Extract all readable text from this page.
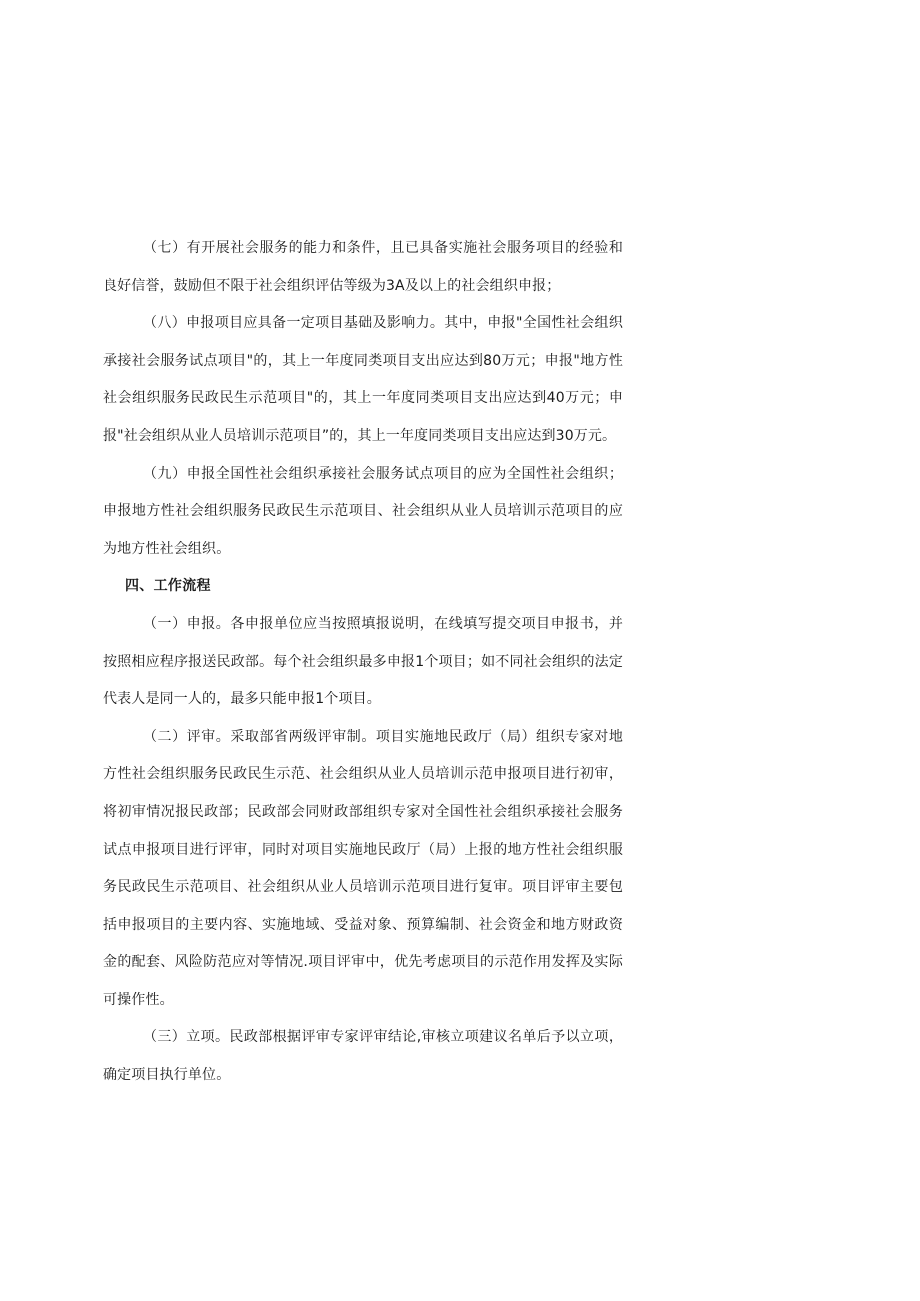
（七）有开展社会服务的能力和条件，且已具备实施社会服务项目的经验和良好信誉，鼓励但不限于社会组织评估等级为3A及以上的社会组织申报；

（八）申报项目应具备一定项目基础及影响力。其中，申报"全国性社会组织承接社会服务试点项目"的，其上一年度同类项目支出应达到80万元；申报"地方性社会组织服务民政民生示范项目"的，其上一年度同类项目支出应达到40万元；申报"社会组织从业人员培训示范项目”的，其上一年度同类项目支出应达到30万元。

（九）申报全国性社会组织承接社会服务试点项目的应为全国性社会组织；申报地方性社会组织服务民政民生示范项目、社会组织从业人员培训示范项目的应为地方性社会组织。

四、工作流程

（一）申报。各申报单位应当按照填报说明，在线填写提交项目申报书，并按照相应程序报送民政部。每个社会组织最多申报1个项目；如不同社会组织的法定代表人是同一人的，最多只能申报1个项目。

（二）评审。采取部省两级评审制。项目实施地民政厅（局）组织专家对地方性社会组织服务民政民生示范、社会组织从业人员培训示范申报项目进行初审，将初审情况报民政部；民政部会同财政部组织专家对全国性社会组织承接社会服务试点申报项目进行评审，同时对项目实施地民政厅（局）上报的地方性社会组织服务民政民生示范项目、社会组织从业人员培训示范项目进行复审。项目评审主要包括申报项目的主要内容、实施地域、受益对象、预算编制、社会资金和地方财政资金的配套、风险防范应对等情况.项目评审中，优先考虑项目的示范作用发挥及实际可操作性。

（三）立项。民政部根据评审专家评审结论,审核立项建议名单后予以立项，确定项目执行单位。
